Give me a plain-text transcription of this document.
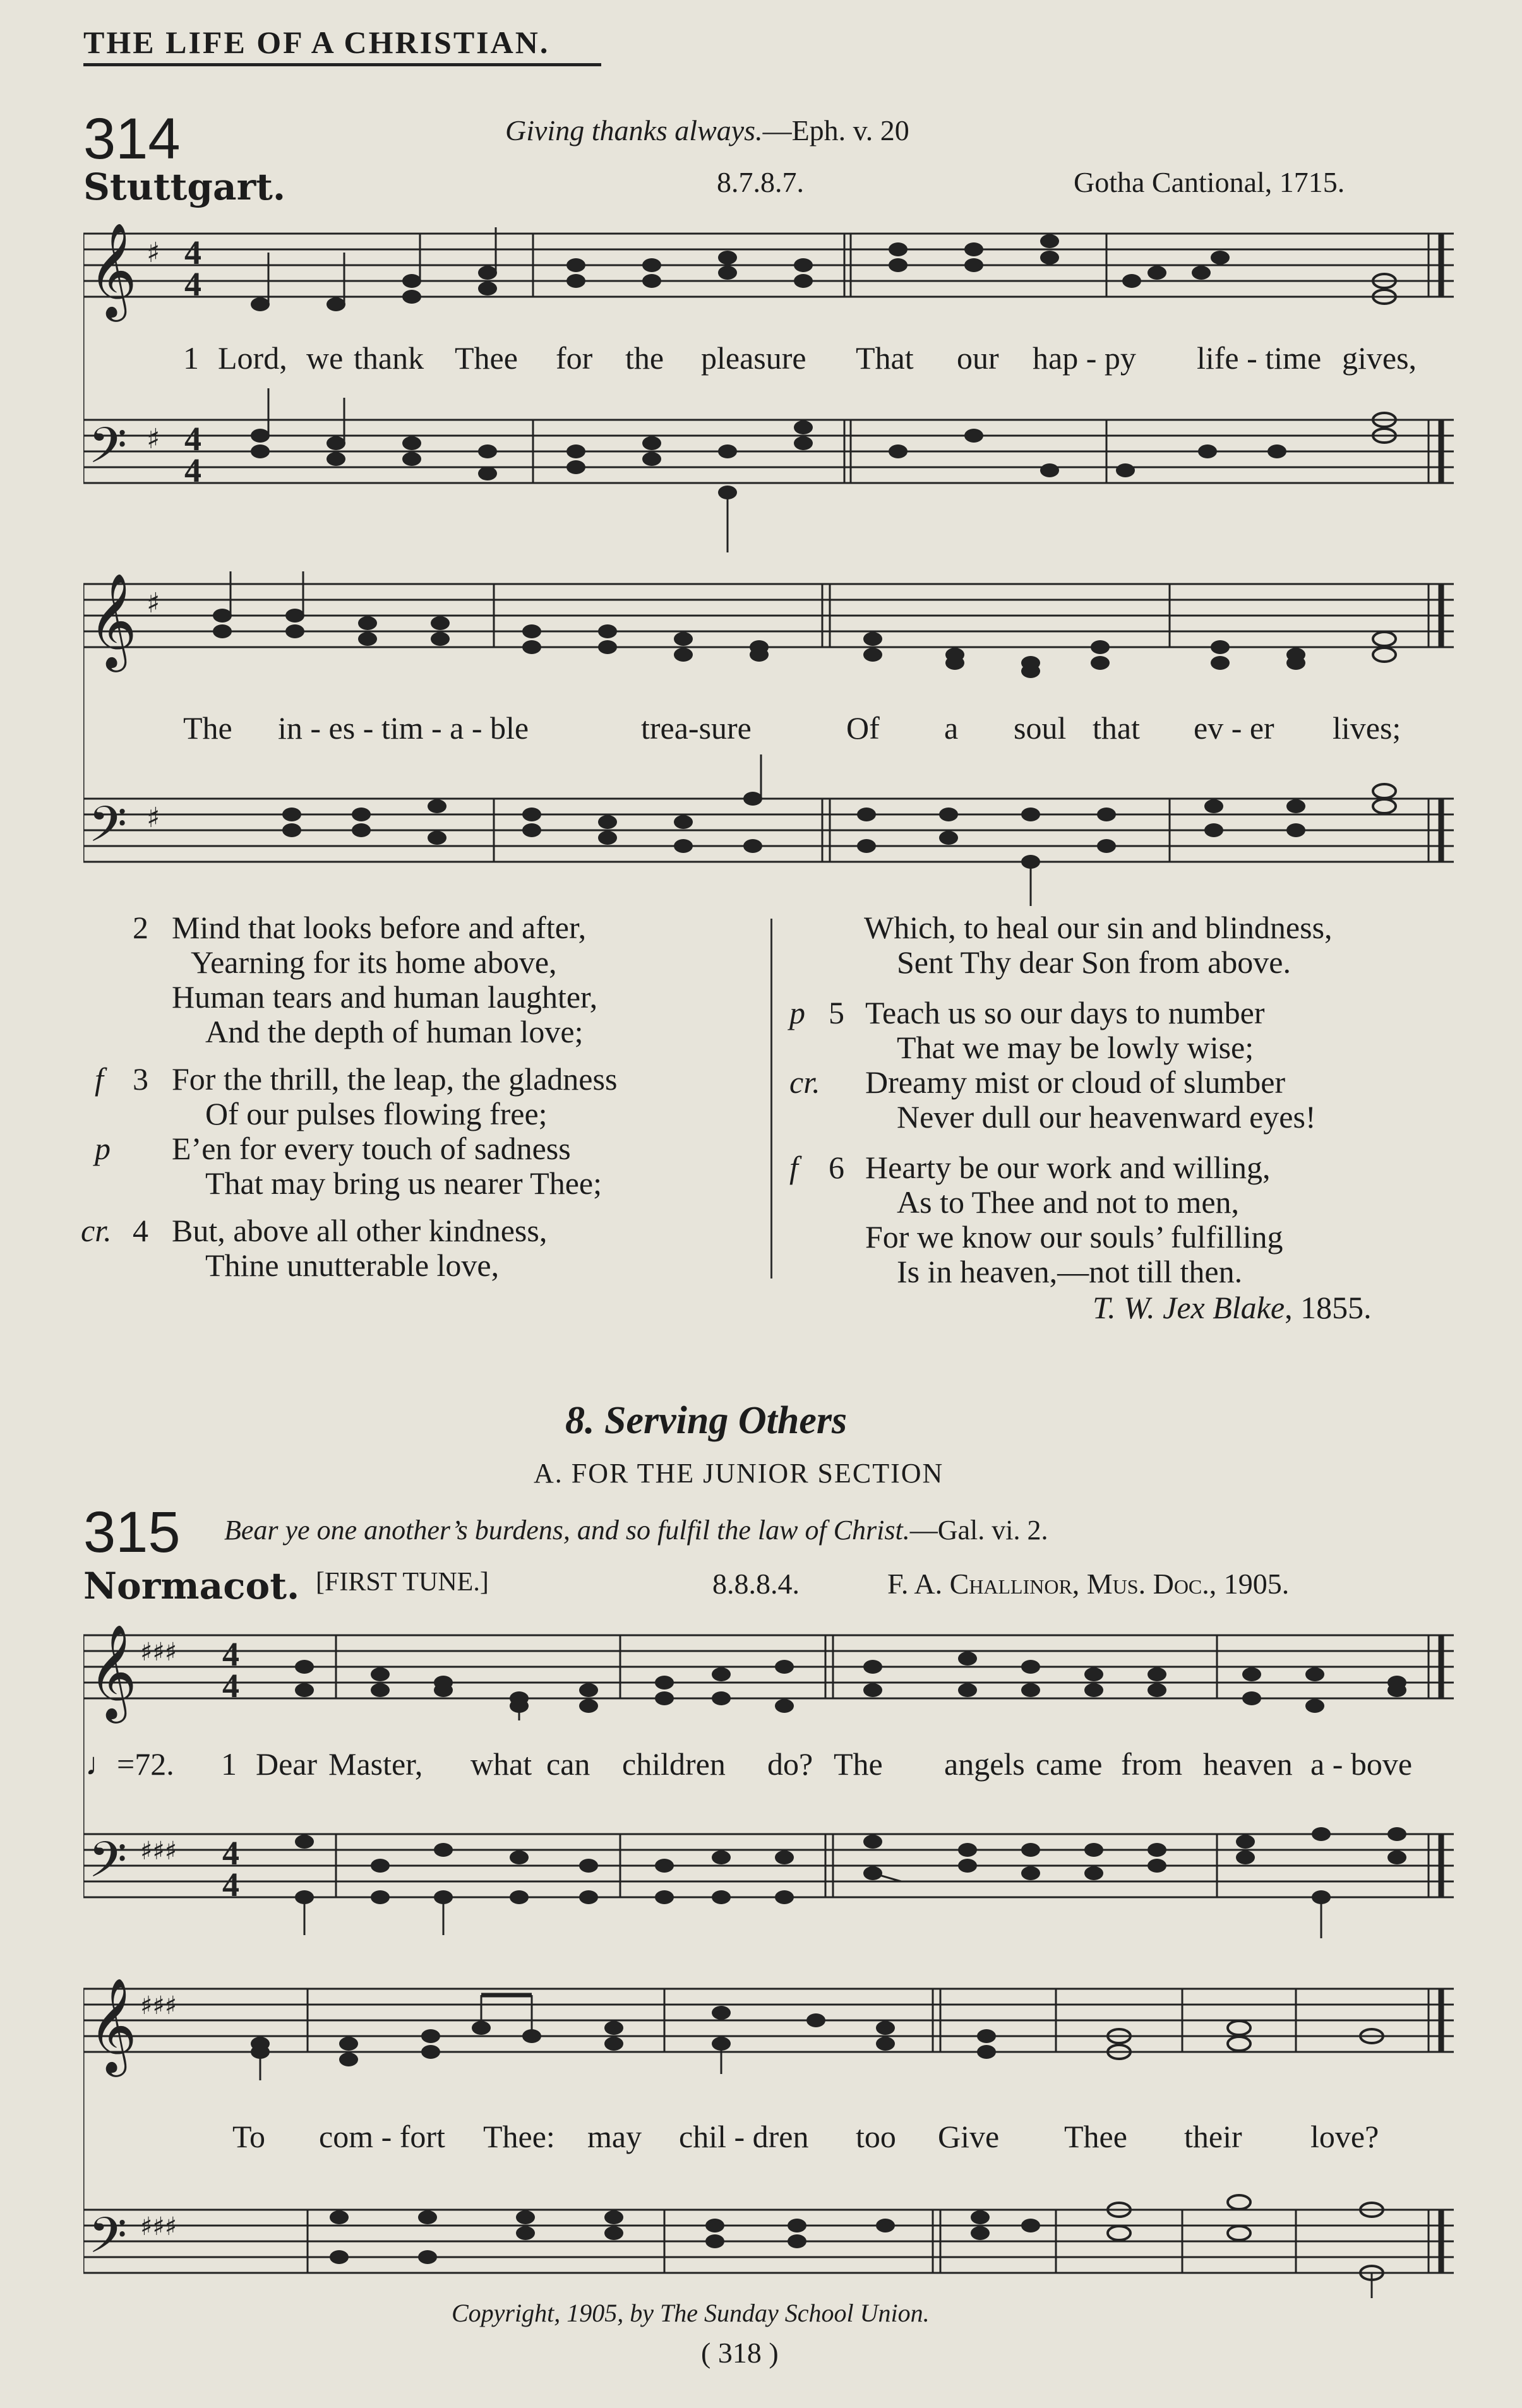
THE LIFE OF A CHRISTIAN.
314	Giving thanks always.—Eph. v. 20
Stuttgart.	8.7.8.7.	Gotha Cantional, 1715.
𝄞
𝄢
♯
♯
4
4
4
4
1 Lord, we thank Thee for the pleasure That our hap - py life - time gives,
𝄞
𝄢
♯
♯
The in - es - tim - a - ble	trea-sure	Of a soul that ev - er lives;
2 Mind that looks before and after,
Yearning for its home above,
Human tears and human laughter,
And the depth of human love;
f 3 For the thrill, the leap, the gladness
Of our pulses flowing free;
p E’en for every touch of sadness
That may bring us nearer Thee;
cr. 4 But, above all other kindness,
Thine unutterable love,
Which, to heal our sin and blindness,
Sent Thy dear Son from above.
p 5 Teach us so our days to number
That we may be lowly wise;
cr. Dreamy mist or cloud of slumber
Never dull our heavenward eyes!
f 6 Hearty be our work and willing,
As to Thee and not to men,
For we know our souls’ fulfilling
Is in heaven,—not till then.
T. W. Jex Blake, 1855.
8. Serving Others
A. FOR THE JUNIOR SECTION
315 Bear ye one another’s burdens, and so fulfil the law of Christ.—Gal. vi. 2.
Normacot. [FIRST TUNE.]	8.8.8.4.	F. A. Challinor, Mus. Doc., 1905.
𝄞
𝄢
♯♯♯
♯♯♯
4
4
4
4
♩=72. 1 Dear Master, what can children do? The angels came from heaven a - bove
𝄞
𝄢
♯♯♯
♯♯♯
To com - fort Thee: may chil - dren too Give Thee their love?
Copyright, 1905, by The Sunday School Union.
( 318 )
